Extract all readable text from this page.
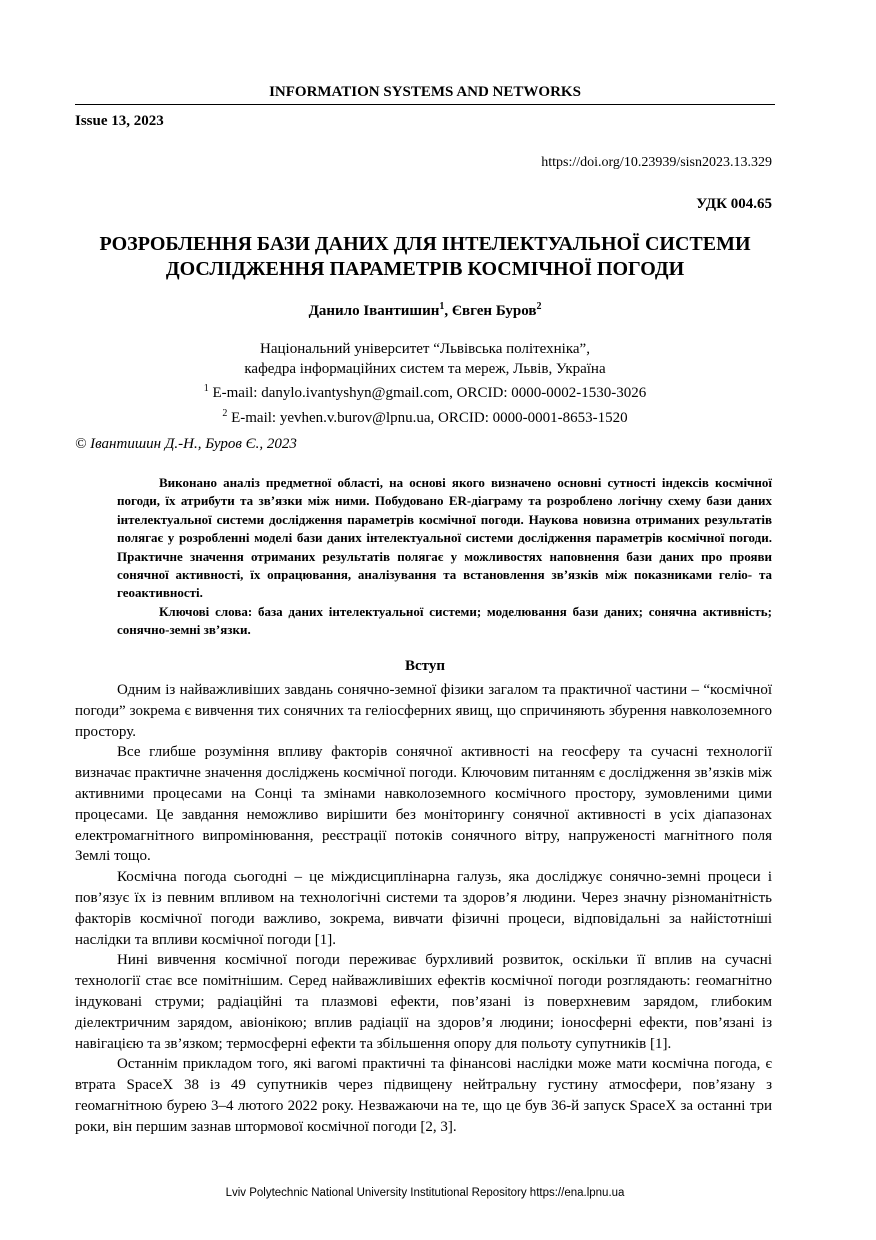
INFORMATION SYSTEMS AND NETWORKS
Issue 13, 2023
https://doi.org/10.23939/sisn2023.13.329
УДК 004.65
РОЗРОБЛЕННЯ БАЗИ ДАНИХ ДЛЯ ІНТЕЛЕКТУАЛЬНОЇ СИСТЕМИ
ДОСЛІДЖЕННЯ ПАРАМЕТРІВ КОСМІЧНОЇ ПОГОДИ
Данило Івантишин$^1$, Євген Буров$^2$
Національний університет “Львівська політехніка”,
кафедра інформаційних систем та мереж, Львів, Україна
$^1$ E-mail: danylo.ivantyshyn@gmail.com, ORCID: 0000-0002-1530-3026
$^2$ E-mail: yevhen.v.burov@lpnu.ua, ORCID: 0000-0001-8653-1520
© Івантишин Д.-Н., Буров Є., 2023

Виконано аналіз предметної області, на основі якого визначено основні сутності індексів космічної погоди, їх атрибути та зв’язки між ними. Побудовано ER-діаграму та розроблено логічну схему бази даних інтелектуальної системи дослідження параметрів космічної погоди. Наукова новизна отриманих результатів полягає у розробленні моделі бази даних інтелектуальної системи дослідження параметрів космічної погоди. Практичне значення отриманих результатів полягає у можливостях наповнення бази даних про прояви сонячної активності, їх опрацювання, аналізування та встановлення зв’язків між показниками геліо- та геоактивності.

Ключові слова: база даних інтелектуальної системи; моделювання бази даних; сонячна активність; сонячно-земні зв’язки.

Вступ

Одним із найважливіших завдань сонячно-земної фізики загалом та практичної частини – “космічної погоди” зокрема є вивчення тих сонячних та геліосферних явищ, що спричиняють збурення навколоземного простору.

Все глибше розуміння впливу факторів сонячної активності на геосферу та сучасні технології визначає практичне значення досліджень космічної погоди. Ключовим питанням є дослідження зв’язків між активними процесами на Сонці та змінами навколоземного космічного простору, зумовленими цими процесами. Це завдання неможливо вирішити без моніторингу сонячної активності в усіх діапазонах електромагнітного випромінювання, реєстрації потоків сонячного вітру, напруженості магнітного поля Землі тощо.

Космічна погода сьогодні – це міждисциплінарна галузь, яка досліджує сонячно-земні процеси і пов’язує їх із певним впливом на технологічні системи та здоров’я людини. Через значну різноманітність факторів космічної погоди важливо, зокрема, вивчати фізичні процеси, відповідальні за найістотніші наслідки та впливи космічної погоди [1].

Нині вивчення космічної погоди переживає бурхливий розвиток, оскільки її вплив на сучасні технології стає все помітнішим. Серед найважливіших ефектів космічної погоди розглядають: геомагнітно індуковані струми; радіаційні та плазмові ефекти, пов’язані із поверхневим зарядом, глибоким діелектричним зарядом, авіонікою; вплив радіації на здоров’я людини; іоносферні ефекти, пов’язані із навігацією та зв’язком; термосферні ефекти та збільшення опору для польоту супутників [1].

Останнім прикладом того, які вагомі практичні та фінансові наслідки може мати космічна погода, є втрата SpaceX 38 із 49 супутників через підвищену нейтральну густину атмосфери, пов’язану з геомагнітною бурею 3–4 лютого 2022 року. Незважаючи на те, що це був 36-й запуск SpaceX за останні три роки, він першим зазнав штормової космічної погоди [2, 3].

Lviv Polytechnic National University Institutional Repository https://ena.lpnu.ua
